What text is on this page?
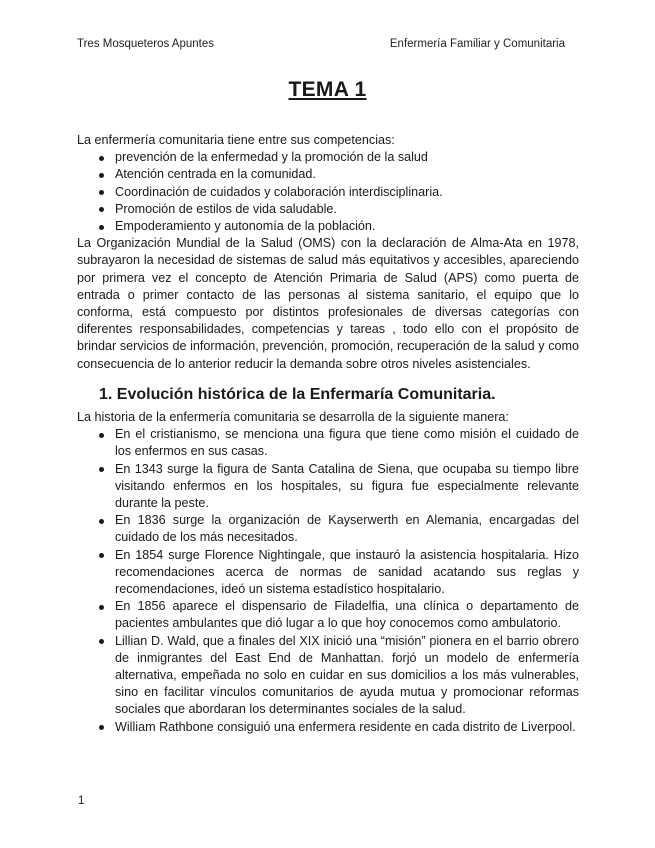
Tres Mosqueteros Apuntes	Enfermería Familiar y Comunitaria
TEMA 1

La enfermería comunitaria tiene entre sus competencias:

prevención de la enfermedad y la promoción de la salud
Atención centrada en la comunidad.
Coordinación de cuidados y colaboración interdisciplinaria.
Promoción de estilos de vida saludable.
Empoderamiento y autonomía de la población.

La Organización Mundial de la Salud (OMS) con la declaración de Alma-Ata en 1978, subrayaron la necesidad de sistemas de salud más equitativos y accesibles, apareciendo por primera vez el concepto de Atención Primaria de Salud (APS) como puerta de entrada o primer contacto de las personas al sistema sanitario, el equipo que lo conforma, está compuesto por distintos profesionales de diversas categorías con diferentes responsabilidades, competencias y tareas , todo ello con el propósito de brindar servicios de información, prevención, promoción, recuperación de la salud y como consecuencia de lo anterior reducir la demanda sobre otros niveles asistenciales.

1. Evolución histórica de la Enfermaría Comunitaria.

La historia de la enfermería comunitaria se desarrolla de la siguiente manera:

En el cristianismo, se menciona una figura que tiene como misión el cuidado de los enfermos en sus casas.
En 1343 surge la figura de Santa Catalina de Siena, que ocupaba su tiempo libre visitando enfermos en los hospitales, su figura fue especialmente relevante durante la peste.
En 1836 surge la organización de Kayserwerth en Alemania, encargadas del cuidado de los más necesitados.
En 1854 surge Florence Nightingale, que instauró la asistencia hospitalaria. Hizo recomendaciones acerca de normas de sanidad acatando sus reglas y recomendaciones, ideó un sistema estadístico hospitalario.
En 1856 aparece el dispensario de Filadelfia, una clínica o departamento de pacientes ambulantes que dió lugar a lo que hoy conocemos como ambulatorio.
Lillian D. Wald, que a finales del XIX inició una “misión” pionera en el barrio obrero de inmigrantes del East End de Manhattan. forjó un modelo de enfermería alternativa, empeñada no solo en cuidar en sus domicilios a los más vulnerables, sino en facilitar vínculos comunitarios de ayuda mutua y promocionar reformas sociales que abordaran los determinantes sociales de la salud.
William Rathbone consiguió una enfermera residente en cada distrito de Liverpool.
1
